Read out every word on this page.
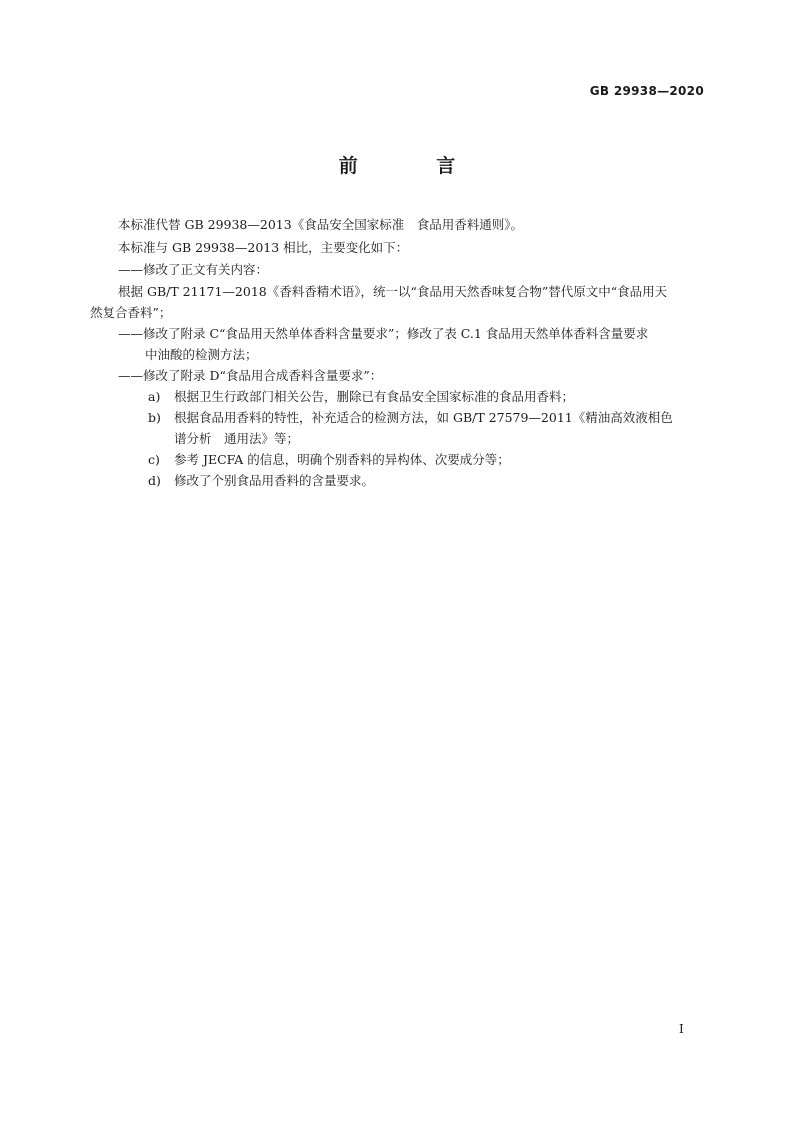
GB 29938—2020
前 言
本标准代替 GB 29938—2013《食品安全国家标准　食品用香料通则》。
本标准与 GB 29938—2013 相比，主要变化如下：
——修改了正文有关内容：
根据 GB/T 21171—2018《香料香精术语》，统一以“食品用天然香味复合物”替代原文中“食品用天
然复合香料”；
——修改了附录 C“食品用天然单体香料含量要求”；修改了表 C.1 食品用天然单体香料含量要求
中油酸的检测方法；
——修改了附录 D“食品用合成香料含量要求”：
a) 根据卫生行政部门相关公告，删除已有食品安全国家标准的食品用香料；
b) 根据食品用香料的特性，补充适合的检测方法，如 GB/T 27579—2011《精油高效液相色
谱分析　通用法》等；
c) 参考 JECFA 的信息，明确个别香料的异构体、次要成分等；
d) 修改了个别食品用香料的含量要求。
I
